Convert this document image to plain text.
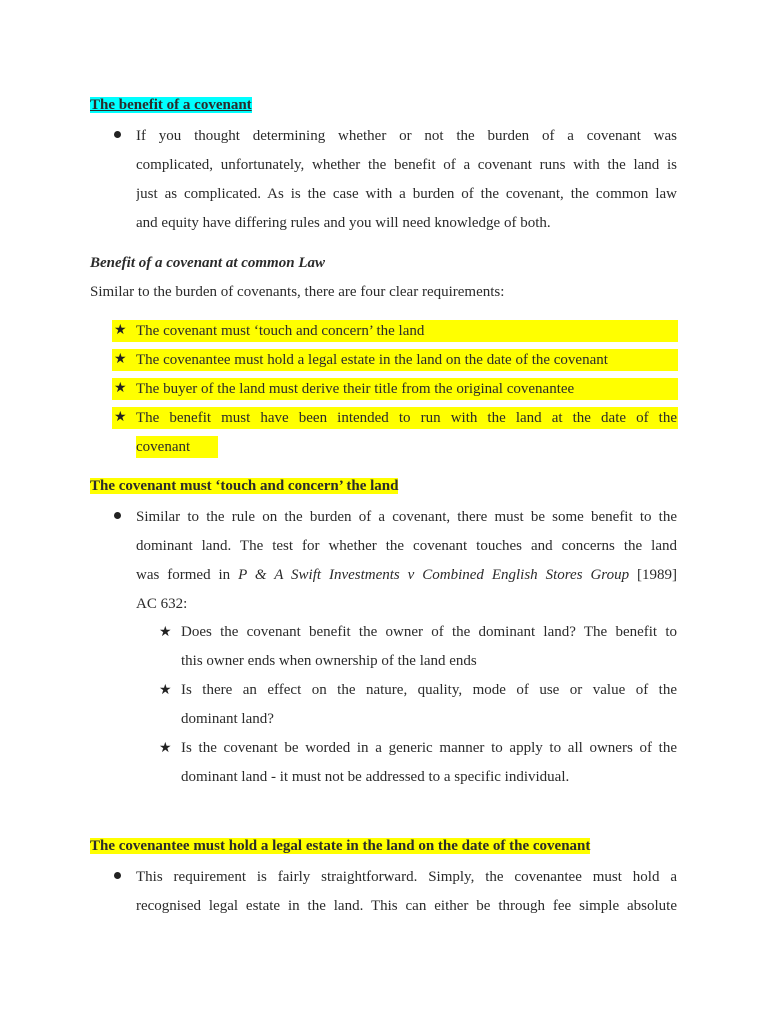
The benefit of a covenant
If you thought determining whether or not the burden of a covenant was
complicated, unfortunately, whether the benefit of a covenant runs with the land is
just as complicated. As is the case with a burden of the covenant, the common law
and equity have differing rules and you will need knowledge of both.
Benefit of a covenant at common Law
Similar to the burden of covenants, there are four clear requirements:
★ The covenant must ‘touch and concern’ the land
★ The covenantee must hold a legal estate in the land on the date of the covenant
★ The buyer of the land must derive their title from the original covenantee
★ The benefit must have been intended to run with the land at the date of the
covenant
The covenant must ‘touch and concern’ the land
Similar to the rule on the burden of a covenant, there must be some benefit to the
dominant land. The test for whether the covenant touches and concerns the land
was formed in P & A Swift Investments v Combined English Stores Group [1989]
AC 632:
★ Does the covenant benefit the owner of the dominant land? The benefit to
this owner ends when ownership of the land ends
★ Is there an effect on the nature, quality, mode of use or value of the
dominant land?
★ Is the covenant be worded in a generic manner to apply to all owners of the
dominant land - it must not be addressed to a specific individual.
The covenantee must hold a legal estate in the land on the date of the covenant
This requirement is fairly straightforward. Simply, the covenantee must hold a
recognised legal estate in the land. This can either be through fee simple absolute
